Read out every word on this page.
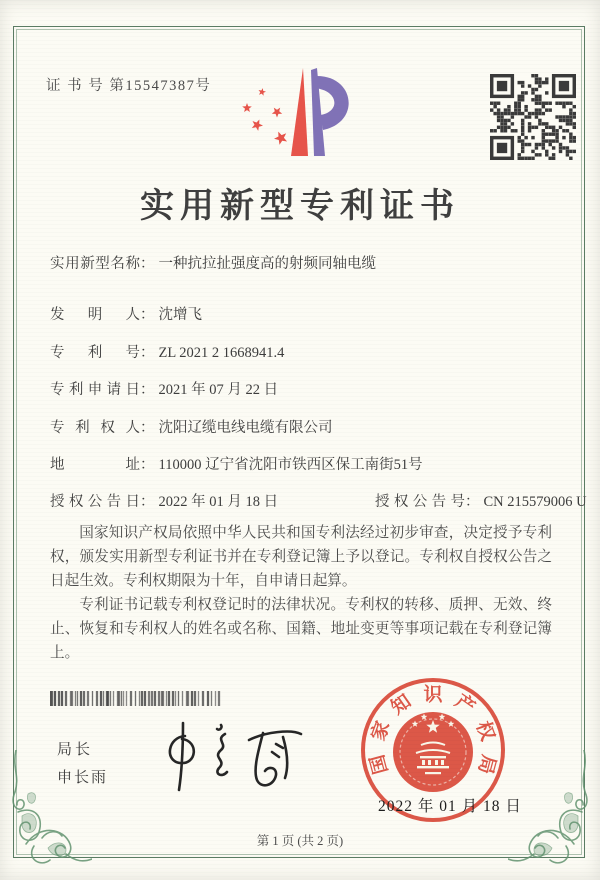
证 书 号 第15547387号
实用新型专利证书
实用新型名称： 一种抗拉扯强度高的射频同轴电缆
发明人： 沈增飞
专利号： ZL 2021 2 1668941.4
专利申请日： 2021 年 07 月 22 日
专利权人： 沈阳辽缆电线电缆有限公司
地址： 110000 辽宁省沈阳市铁西区保工南街51号
授权公告日： 2022 年 01 月 18 日	授权公告号： CN 215579006 U

国家知识产权局依照中华人民共和国专利法经过初步审查，决定授予专利权，颁发实用新型专利证书并在专利登记簿上予以登记。专利权自授权公告之日起生效。专利权期限为十年，自申请日起算。

专利证书记载专利权登记时的法律状况。专利权的转移、质押、无效、终止、恢复和专利权人的姓名或名称、国籍、地址变更等事项记载在专利登记簿上。

局长
申长雨
国
家
知 识 产
权
局
2022 年 01 月 18 日
第 1 页 (共 2 页)
